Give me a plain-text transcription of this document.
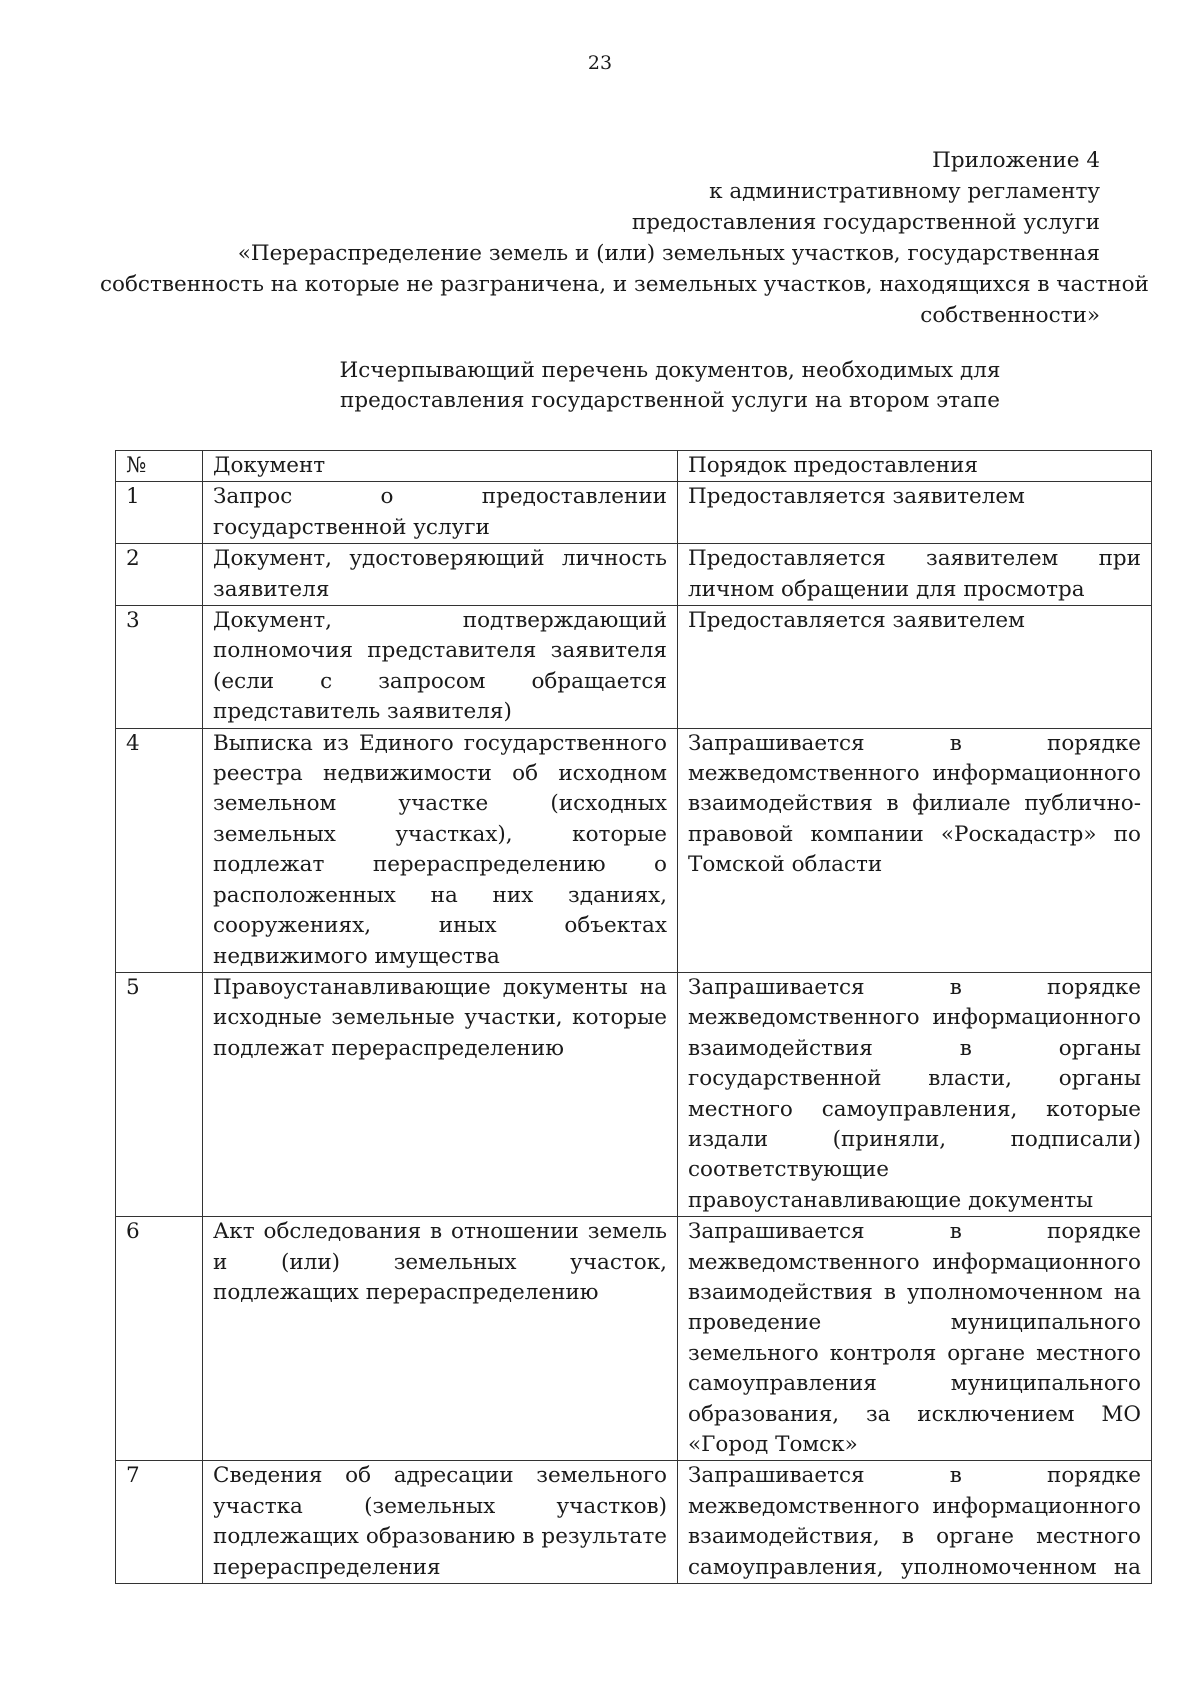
23
Приложение 4
к административному регламенту
предоставления государственной услуги
«Перераспределение земель и (или) земельных участков, государственная
собственность на которые не разграничена, и земельных участков, находящихся в частной
собственности»
Исчерпывающий перечень документов, необходимых для
предоставления государственной услуги на втором этапе
№	Документ	Порядок предоставления
1	Запрос о предоставлении государственной услуги	Предоставляется заявителем
2	Документ, удостоверяющий личность заявителя	Предоставляется заявителем при личном обращении для просмотра
3	Документ, подтверждающий полномочия представителя заявителя (если с запросом обращается представитель заявителя)	Предоставляется заявителем
4	Выписка из Единого государственного реестра недвижимости об исходном земельном участке (исходных земельных участках), которые подлежат перераспределению о расположенных на них зданиях, сооружениях, иных объектах недвижимого имущества	Запрашивается в порядке межведомственного информационного взаимодействия в филиале публично-правовой компании «Роскадастр» по Томской области
5	Правоустанавливающие документы на исходные земельные участки, которые подлежат перераспределению	Запрашивается в порядке межведомственного информационного взаимодействия в органы государственной власти, органы местного самоуправления, которые издали (приняли, подписали) соответствующие правоустанавливающие документы
6	Акт обследования в отношении земель и (или) земельных участок, подлежащих перераспределению	Запрашивается в порядке межведомственного информационного взаимодействия в уполномоченном на проведение муниципального земельного контроля органе местного самоуправления муниципального образования, за исключением МО «Город Томск»
7	Сведения об адресации земельного участка (земельных участков) подлежащих образованию в результате перераспределения	Запрашивается в порядке межведомственного информационного взаимодействия, в органе местного самоуправления, уполномоченном на
